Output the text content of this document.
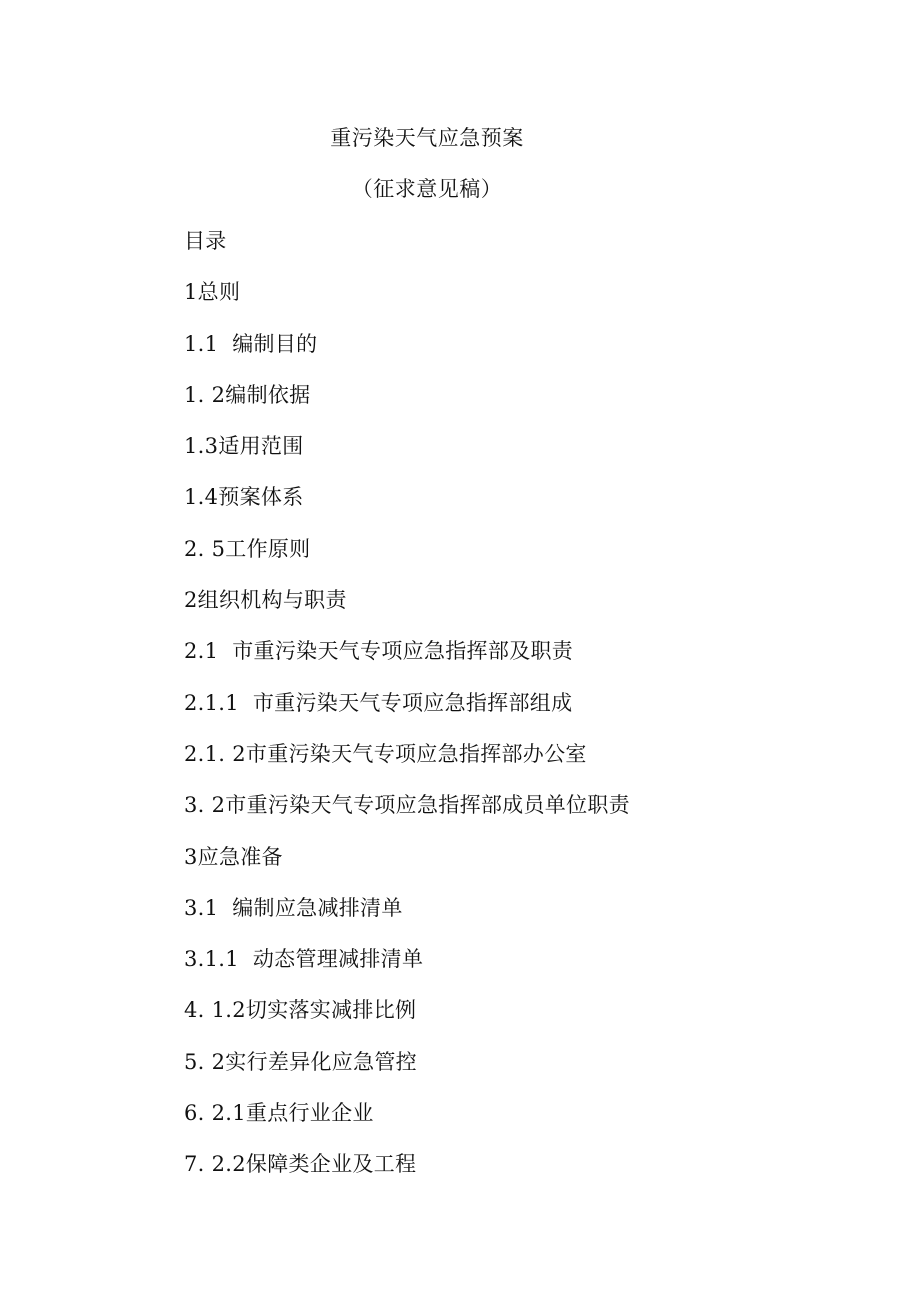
重污染天气应急预案
（征求意见稿）
目录
1总则
1.1  编制目的
1. 2编制依据
1.3适用范围
1.4预案体系
2. 5工作原则
2组织机构与职责
2.1  市重污染天气专项应急指挥部及职责
2.1.1  市重污染天气专项应急指挥部组成
2.1. 2市重污染天气专项应急指挥部办公室
3. 2市重污染天气专项应急指挥部成员单位职责
3应急准备
3.1  编制应急减排清单
3.1.1  动态管理减排清单
4. 1.2切实落实减排比例
5. 2实行差异化应急管控
6. 2.1重点行业企业
7. 2.2保障类企业及工程
